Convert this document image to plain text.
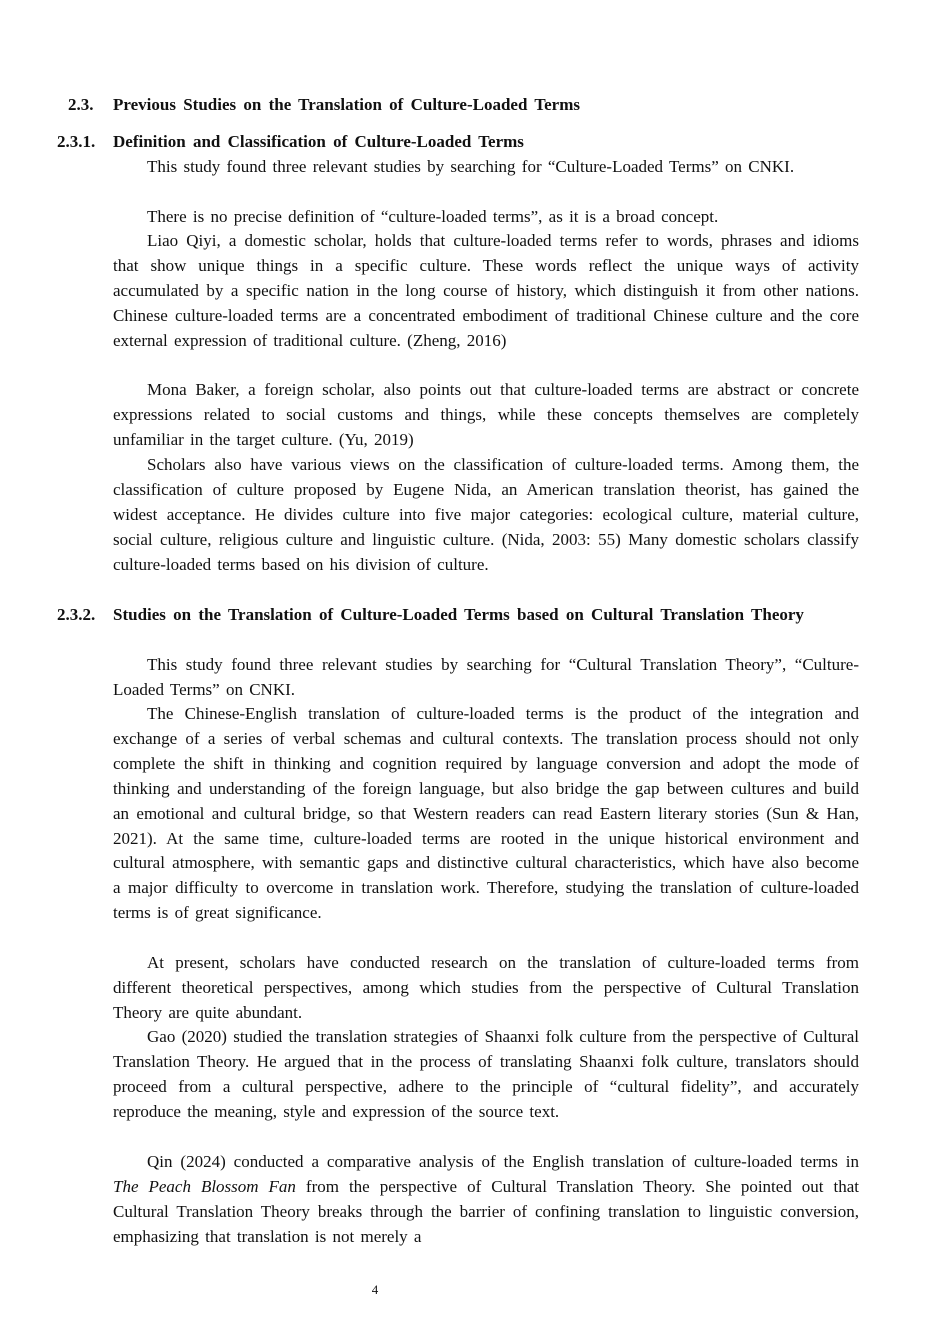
2.3. Previous Studies on the Translation of Culture-Loaded Terms
2.3.1. Definition and Classification of Culture-Loaded Terms

This study found three relevant studies by searching for “Culture-Loaded Terms” on CNKI.

There is no precise definition of “culture-loaded terms”, as it is a broad concept.

Liao Qiyi, a domestic scholar, holds that culture-loaded terms refer to words, phrases and idioms that show unique things in a specific culture. These words reflect the unique ways of activity accumulated by a specific nation in the long course of history, which distinguish it from other nations. Chinese culture-loaded terms are a concentrated embodiment of traditional Chinese culture and the core external expression of traditional culture. (Zheng, 2016)

Mona Baker, a foreign scholar, also points out that culture-loaded terms are abstract or concrete expressions related to social customs and things, while these concepts themselves are completely unfamiliar in the target culture. (Yu, 2019)

Scholars also have various views on the classification of culture-loaded terms. Among them, the classification of culture proposed by Eugene Nida, an American translation theorist, has gained the widest acceptance. He divides culture into five major categories: ecological culture, material culture, social culture, religious culture and linguistic culture. (Nida, 2003: 55) Many domestic scholars classify culture-loaded terms based on his division of culture.

2.3.2. Studies on the Translation of Culture-Loaded Terms based on Cultural Translation Theory

This study found three relevant studies by searching for “Cultural Translation Theory”, “Culture-Loaded Terms” on CNKI.

The Chinese-English translation of culture-loaded terms is the product of the integration and exchange of a series of verbal schemas and cultural contexts. The translation process should not only complete the shift in thinking and cognition required by language conversion and adopt the mode of thinking and understanding of the foreign language, but also bridge the gap between cultures and build an emotional and cultural bridge, so that Western readers can read Eastern literary stories (Sun & Han, 2021). At the same time, culture-loaded terms are rooted in the unique historical environment and cultural atmosphere, with semantic gaps and distinctive cultural characteristics, which have also become a major difficulty to overcome in translation work. Therefore, studying the translation of culture-loaded terms is of great significance.

At present, scholars have conducted research on the translation of culture-loaded terms from different theoretical perspectives, among which studies from the perspective of Cultural Translation Theory are quite abundant.

Gao (2020) studied the translation strategies of Shaanxi folk culture from the perspective of Cultural Translation Theory. He argued that in the process of translating Shaanxi folk culture, translators should proceed from a cultural perspective, adhere to the principle of “cultural fidelity”, and accurately reproduce the meaning, style and expression of the source text.

Qin (2024) conducted a comparative analysis of the English translation of culture-loaded terms in The Peach Blossom Fan from the perspective of Cultural Translation Theory. She pointed out that Cultural Translation Theory breaks through the barrier of confining translation to linguistic conversion, emphasizing that translation is not merely a

4
